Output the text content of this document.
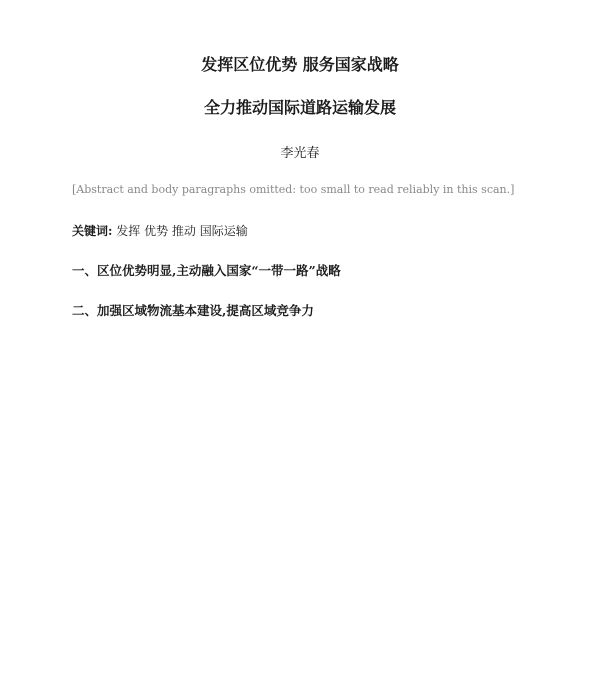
发挥区位优势 服务国家战略
全力推动国际道路运输发展

李光春

[Abstract and body paragraphs omitted: too small to read reliably in this scan.]

关键词: 发挥 优势 推动 国际运输

一、区位优势明显,主动融入国家“一带一路”战略
二、加强区域物流基本建设,提高区域竞争力
